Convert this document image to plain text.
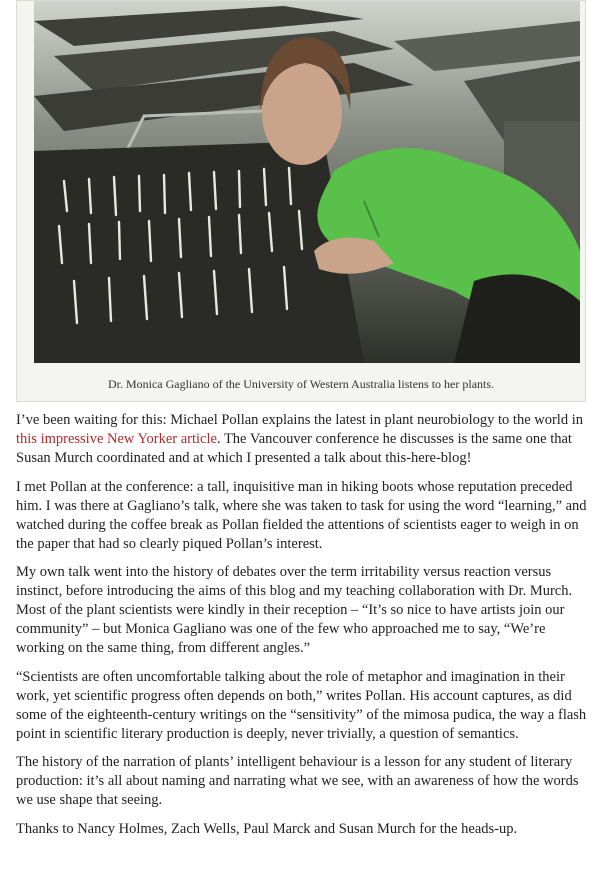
Dr. Monica Gagliano of the University of Western Australia listens to her plants.

I’ve been waiting for this: Michael Pollan explains the latest in plant neurobiology to the world in this impressive New Yorker article. The Vancouver conference he discusses is the same one that Susan Murch coordinated and at which I presented a talk about this-here-blog!

I met Pollan at the conference: a tall, inquisitive man in hiking boots whose reputation preceded him. I was there at Gagliano’s talk, where she was taken to task for using the word “learning,” and watched during the coffee break as Pollan fielded the attentions of scientists eager to weigh in on the paper that had so clearly piqued Pollan’s interest.

My own talk went into the history of debates over the term irritability versus reaction versus instinct, before introducing the aims of this blog and my teaching collaboration with Dr. Murch. Most of the plant scientists were kindly in their reception – “It’s so nice to have artists join our community” – but Monica Gagliano was one of the few who approached me to say, “We’re working on the same thing, from different angles.”

“Scientists are often uncomfortable talking about the role of metaphor and imagination in their work, yet scientific progress often depends on both,” writes Pollan. His account captures, as did some of the eighteenth-century writings on the “sensitivity” of the mimosa pudica, the way a flash point in scientific literary production is deeply, never trivially, a question of semantics.

The history of the narration of plants’ intelligent behaviour is a lesson for any student of literary production: it’s all about naming and narrating what we see, with an awareness of how the words we use shape that seeing.

Thanks to Nancy Holmes, Zach Wells, Paul Marck and Susan Murch for the heads-up.
